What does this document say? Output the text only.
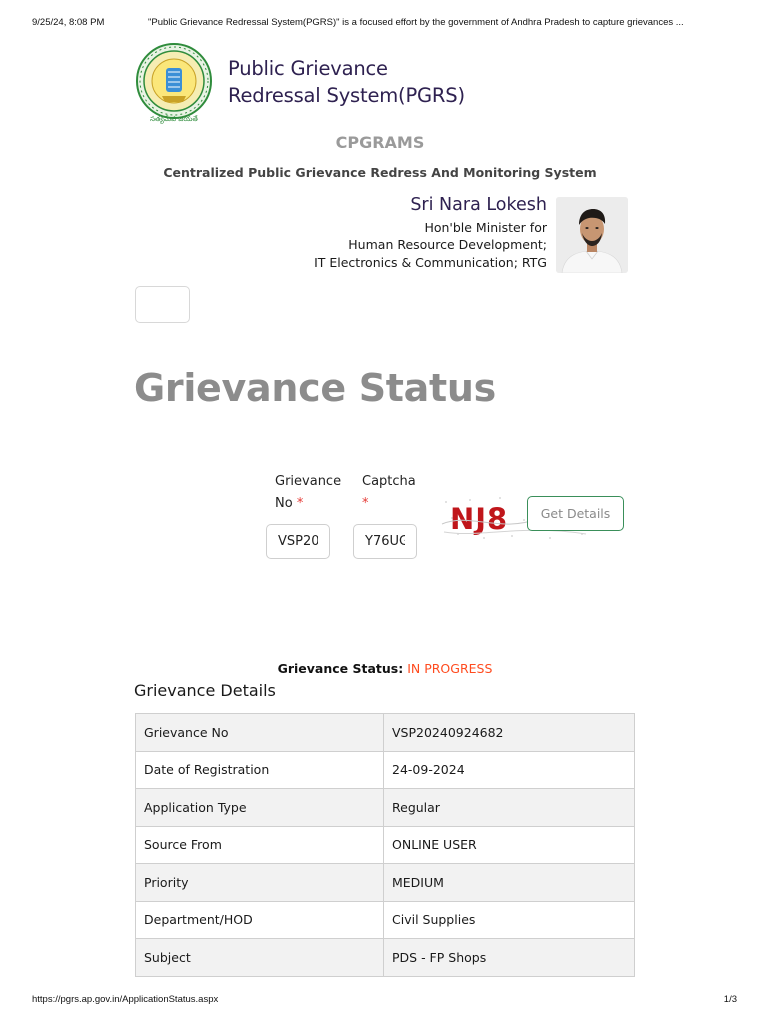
9/25/24, 8:08 PM	"Public Grievance Redressal System(PGRS)" is a focused effort by the government of Andhra Pradesh to capture grievances ...
సత్యమేవ జయతే
Public Grievance
Redressal System(PGRS)
CPGRAMS
Centralized Public Grievance Redress And Monitoring System
Sri Nara Lokesh
Hon'ble Minister for
Human Resource Development;
IT Electronics & Communication; RTG
Grievance Status
Grievance No *
Captcha
*
VSP20240924682
Y76UG	NJ8	Get Details
Grievance Status: IN PROGRESS
Grievance Details
Grievance No	VSP20240924682
Date of Registration	24-09-2024
Application Type	Regular
Source From	ONLINE USER
Priority	MEDIUM
Department/HOD	Civil Supplies
Subject	PDS - FP Shops
https://pgrs.ap.gov.in/ApplicationStatus.aspx	1/3
